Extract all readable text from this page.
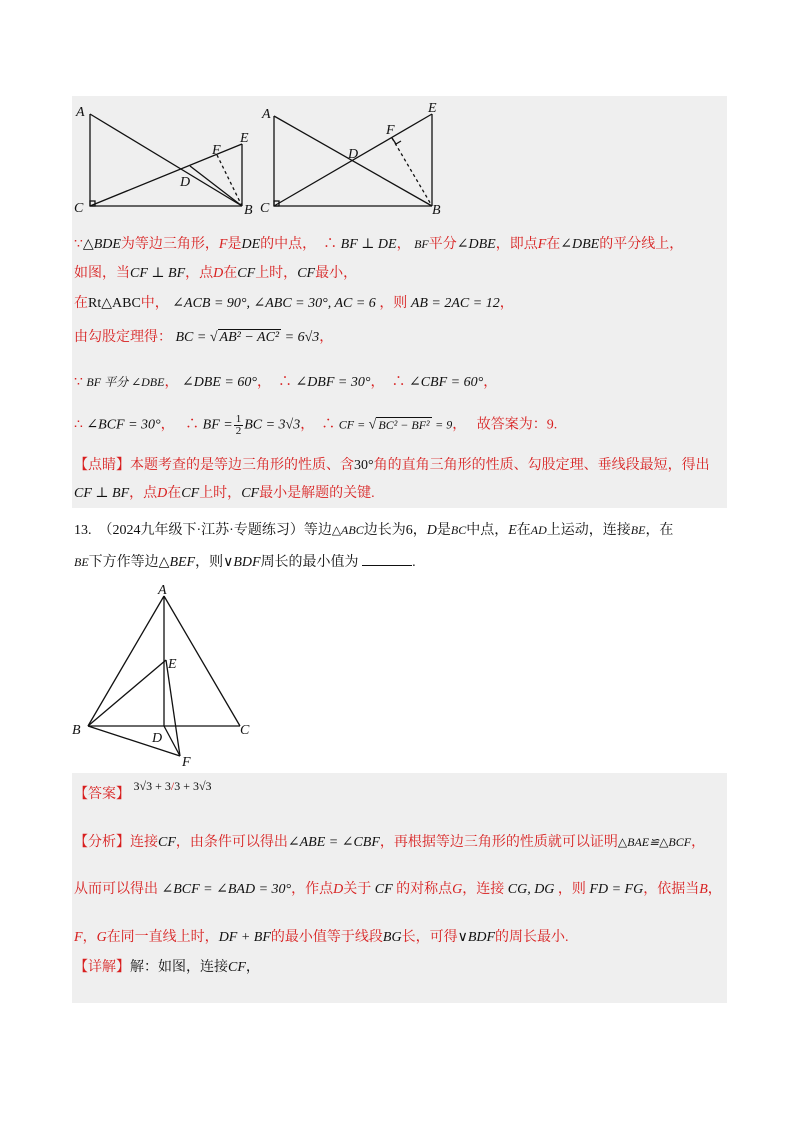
A
C	B
E
F
D
A
C	B
E
F
D
∵△BDE为等边三角形，F是DE的中点， ∴ BF ⊥ DE， BF平分∠DBE，即点F在∠DBE的平分线上，
如图，当CF ⊥ BF，点D在CF上时，CF最小，
在Rt△ABC中， ∠ACB = 90°, ∠ABC = 30°, AC = 6 ，则 AB = 2AC = 12，
由勾股定理得： BC = √ AB² − AC² = 6√3，
∵ BF 平分 ∠DBE， ∠DBE = 60°，  ∴ ∠DBF = 30°，  ∴ ∠CBF = 60°，
∴ ∠BCF = 30°，   ∴ BF = $\frac{1}{2}$ BC = 3√3，  ∴ CF = √ BC² − BF² = 9，   故答案为：9.
【点睛】本题考查的是等边三角形的性质、含30°角的直角三角形的性质、勾股定理、垂线段最短，得出
CF ⊥ BF，点D在CF上时，CF最小是解题的关键.
13. （2024九年级下·江苏·专题练习）等边△ABC边长为6，D是BC中点，E在AD上运动，连接BE，在
BE下方作等边△BEF，则∨BDF周长的最小值为	.
A
E
B	C
D
F
【答案】 3√3 + 3/3 + 3√3
【分析】连接CF，由条件可以得出∠ABE = ∠CBF，再根据等边三角形的性质就可以证明△BAE≌△BCF，
从而可以得出 ∠BCF = ∠BAD = 30°，作点D关于 CF 的对称点G，连接 CG, DG ，则 FD = FG，依据当B，
F，G在同一直线上时，DF + BF的最小值等于线段BG长，可得∨BDF的周长最小.
【详解】解：如图，连接CF，
